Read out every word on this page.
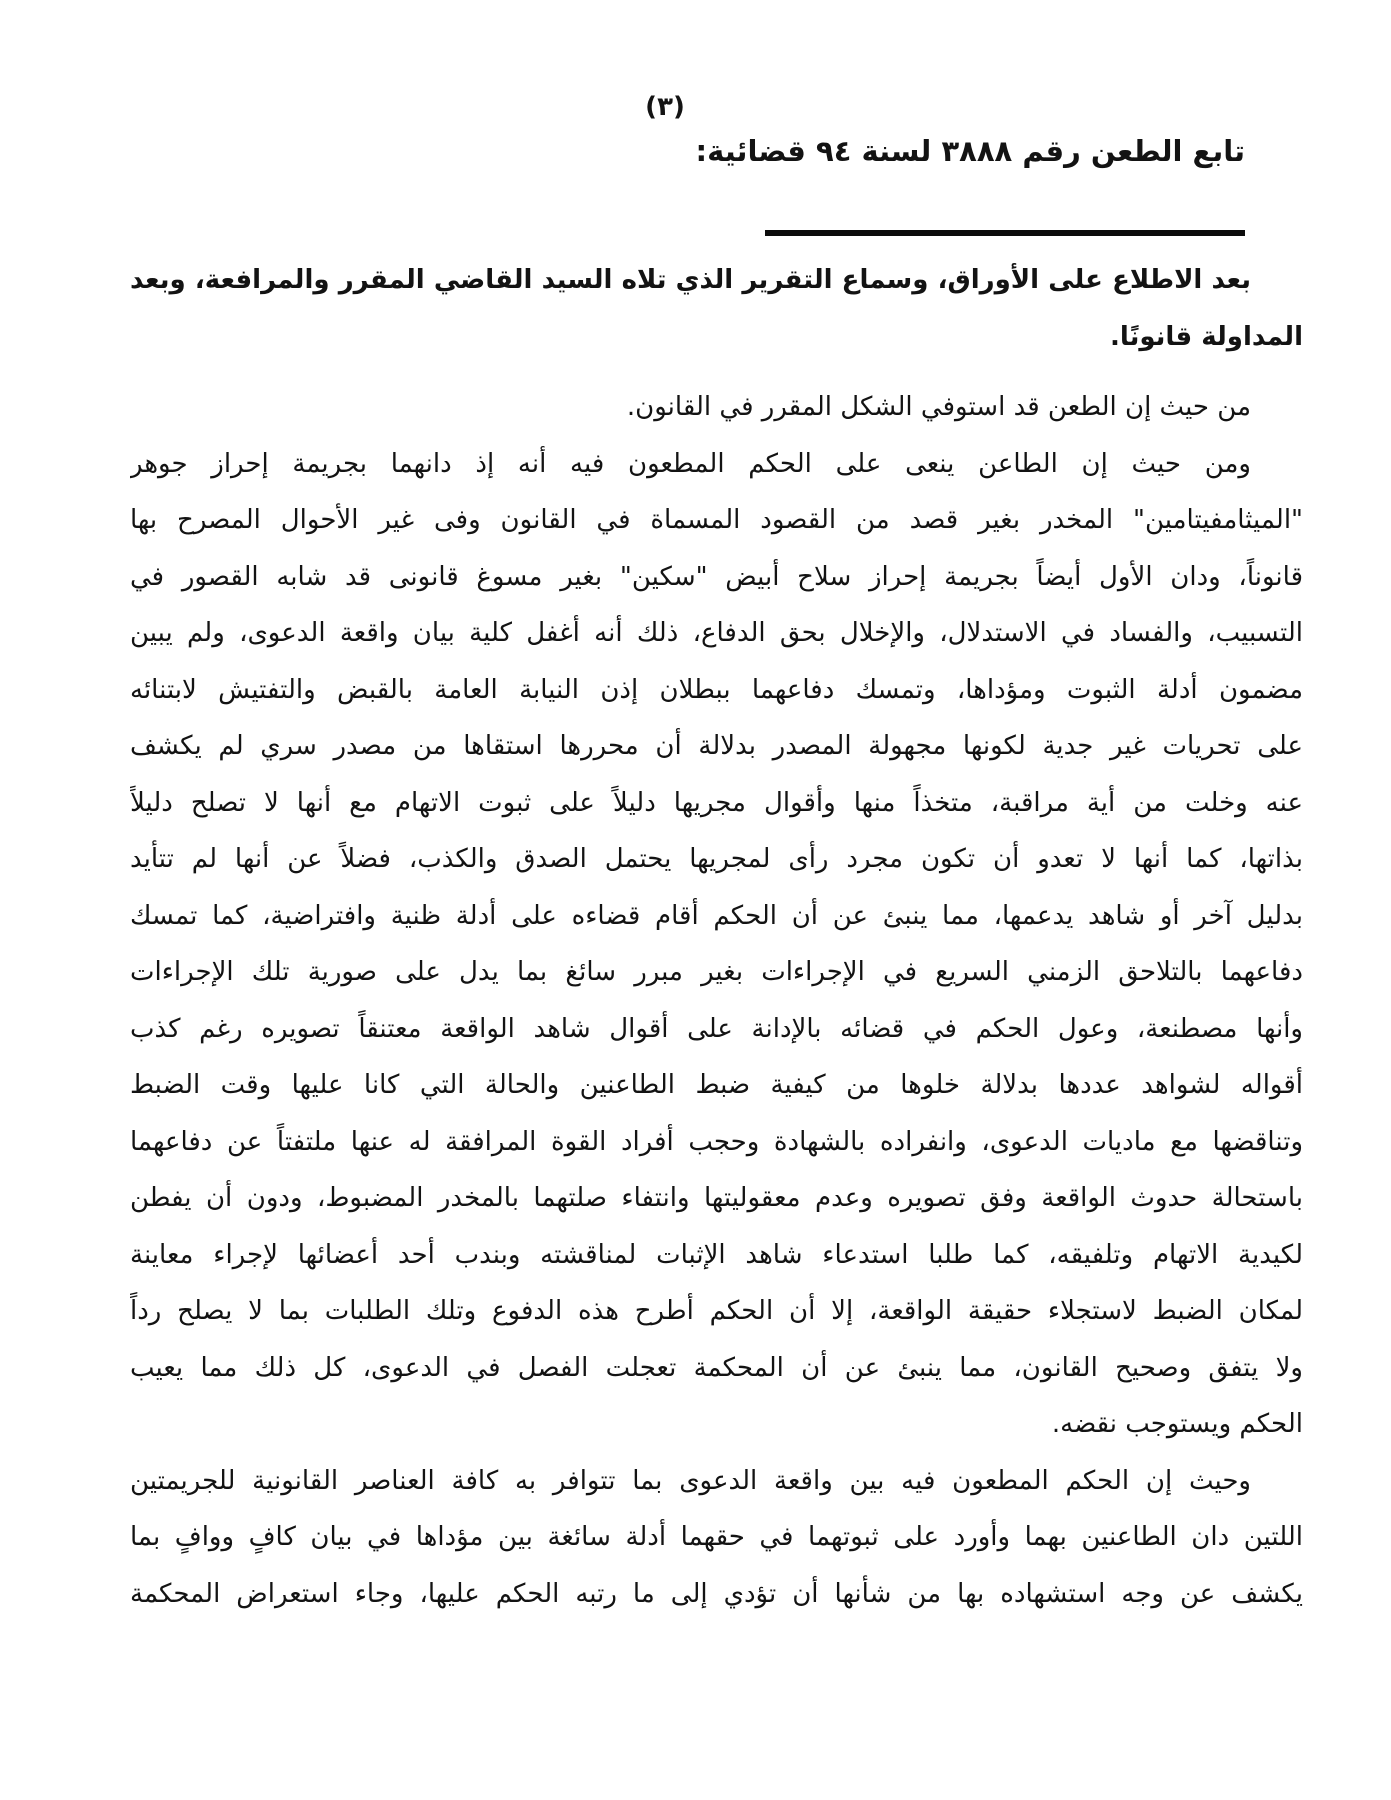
(٣)
تابع الطعن رقم ٣٨٨٨ لسنة ٩٤ قضائية:
بعد الاطلاع على الأوراق، وسماع التقرير الذي تلاه السيد القاضي المقرر والمرافعة، وبعد
المداولة قانونًا.
من حيث إن الطعن قد استوفي الشكل المقرر في القانون.
ومن حيث إن الطاعن ينعى على الحكم المطعون فيه أنه إذ دانهما بجريمة إحراز جوهر
"الميثامفيتامين" المخدر بغير قصد من القصود المسماة في القانون وفى غير الأحوال المصرح بها
قانوناً، ودان الأول أيضاً بجريمة إحراز سلاح أبيض "سكين" بغير مسوغ قانونى قد شابه القصور في
التسبيب، والفساد في الاستدلال، والإخلال بحق الدفاع، ذلك أنه أغفل كلية بيان واقعة الدعوى، ولم يبين
مضمون أدلة الثبوت ومؤداها، وتمسك دفاعهما ببطلان إذن النيابة العامة بالقبض والتفتيش لابتنائه
على تحريات غير جدية لكونها مجهولة المصدر بدلالة أن محررها استقاها من مصدر سري لم يكشف
عنه وخلت من أية مراقبة، متخذاً منها وأقوال مجريها دليلاً على ثبوت الاتهام مع أنها لا تصلح دليلاً
بذاتها، كما أنها لا تعدو أن تكون مجرد رأى لمجريها يحتمل الصدق والكذب، فضلاً عن أنها لم تتأيد
بدليل آخر أو شاهد يدعمها، مما ينبئ عن أن الحكم أقام قضاءه على أدلة ظنية وافتراضية، كما تمسك
دفاعهما بالتلاحق الزمني السريع في الإجراءات بغير مبرر سائغ بما يدل على صورية تلك الإجراءات
وأنها مصطنعة، وعول الحكم في قضائه بالإدانة على أقوال شاهد الواقعة معتنقاً تصويره رغم كذب
أقواله لشواهد عددها بدلالة خلوها من كيفية ضبط الطاعنين والحالة التي كانا عليها وقت الضبط
وتناقضها مع ماديات الدعوى، وانفراده بالشهادة وحجب أفراد القوة المرافقة له عنها ملتفتاً عن دفاعهما
باستحالة حدوث الواقعة وفق تصويره وعدم معقوليتها وانتفاء صلتهما بالمخدر المضبوط، ودون أن يفطن
لكيدية الاتهام وتلفيقه، كما طلبا استدعاء شاهد الإثبات لمناقشته وبندب أحد أعضائها لإجراء معاينة
لمكان الضبط لاستجلاء حقيقة الواقعة، إلا أن الحكم أطرح هذه الدفوع وتلك الطلبات بما لا يصلح رداً
ولا يتفق وصحيح القانون، مما ينبئ عن أن المحكمة تعجلت الفصل في الدعوى، كل ذلك مما يعيب
الحكم ويستوجب نقضه.
وحيث إن الحكم المطعون فيه بين واقعة الدعوى بما تتوافر به كافة العناصر القانونية للجريمتين
اللتين دان الطاعنين بهما وأورد على ثبوتهما في حقهما أدلة سائغة بين مؤداها في بيان كافٍ ووافٍ بما
يكشف عن وجه استشهاده بها من شأنها أن تؤدي إلى ما رتبه الحكم عليها، وجاء استعراض المحكمة
